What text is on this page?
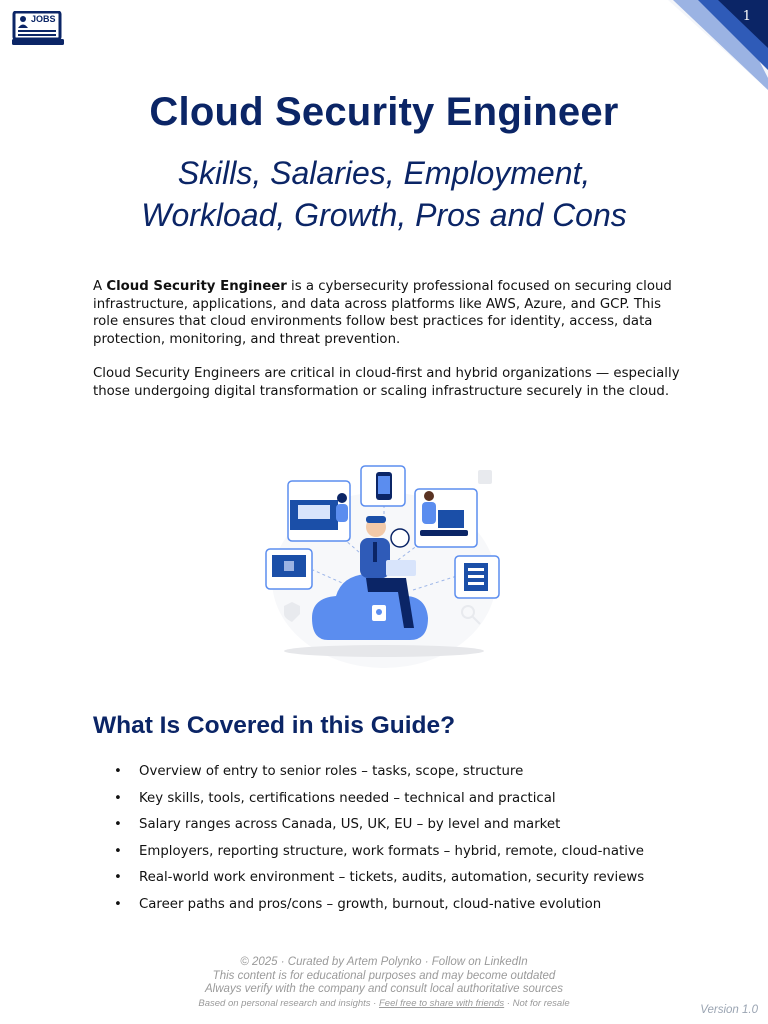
JOBS	1
Cloud Security Engineer
Skills, Salaries, Employment,
Workload, Growth, Pros and Cons

A Cloud Security Engineer is a cybersecurity professional focused on securing cloud infrastructure, applications, and data across platforms like AWS, Azure, and GCP. This role ensures that cloud environments follow best practices for identity, access, data protection, monitoring, and threat prevention.

Cloud Security Engineers are critical in cloud-first and hybrid organizations — especially those undergoing digital transformation or scaling infrastructure securely in the cloud.

What Is Covered in this Guide?
• Overview of entry to senior roles – tasks, scope, structure
• Key skills, tools, certifications needed – technical and practical
• Salary ranges across Canada, US, UK, EU – by level and market
• Employers, reporting structure, work formats – hybrid, remote, cloud-native
• Real-world work environment – tickets, audits, automation, security reviews
• Career paths and pros/cons – growth, burnout, cloud-native evolution
© 2025 · Curated by Artem Polynko · Follow on LinkedIn
This content is for educational purposes and may become outdated
Always verify with the company and consult local authoritative sources
Based on personal research and insights · Feel free to share with friends · Not for resale
Version 1.0
